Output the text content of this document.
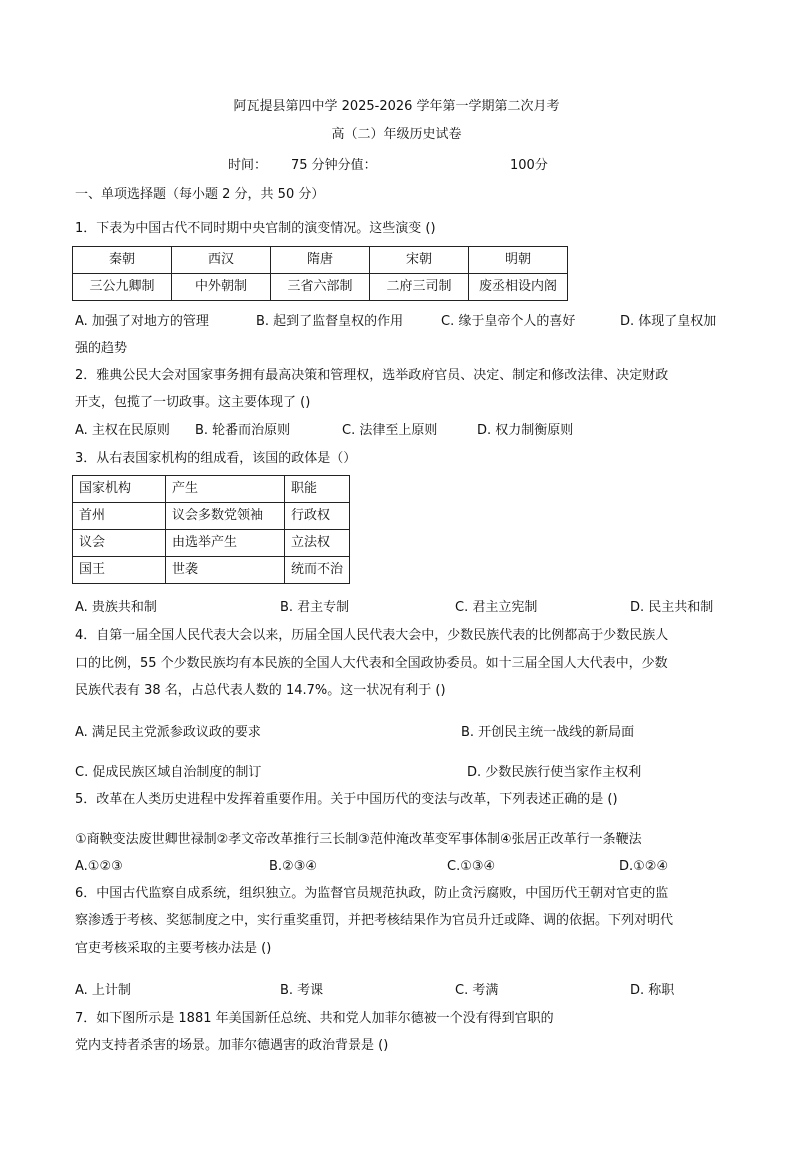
阿瓦提县第四中学 2025-2026 学年第一学期第二次月考
高（二）年级历史试卷
时间： 75 分钟分值：	100分
一、单项选择题（每小题 2 分，共 50 分）
1．下表为中国古代不同时期中央官制的演变情况。这些演变 ()
秦朝	西汉	隋唐	宋朝	明朝
三公九卿制	中外朝制	三省六部制	二府三司制	废丞相设内阁
A. 加强了对地方的管理	B. 起到了监督皇权的作用	C. 缘于皇帝个人的喜好	D. 体现了皇权加
强的趋势
2．雅典公民大会对国家事务拥有最高决策和管理权，选举政府官员、决定、制定和修改法律、决定财政
开支，包揽了一切政事。这主要体现了 ()
A. 主权在民原则 B. 轮番而治原则	C. 法律至上原则	D. 权力制衡原则
3．从右表国家机构的组成看，该国的政体是（）
国家机构	产生	职能
首州	议会多数党领袖	行政权
议会	由选举产生	立法权
国王	世袭	统而不治
A. 贵族共和制	B. 君主专制	C. 君主立宪制	D. 民主共和制
4．自第一届全国人民代表大会以来，历届全国人民代表大会中，少数民族代表的比例都高于少数民族人
口的比例，55 个少数民族均有本民族的全国人大代表和全国政协委员。如十三届全国人大代表中，少数
民族代表有 38 名，占总代表人数的 14.7%。这一状况有利于 ()
A. 满足民主党派参政议政的要求	B. 开创民主统一战线的新局面
C. 促成民族区域自治制度的制订	D. 少数民族行使当家作主权利
5．改革在人类历史进程中发挥着重要作用。关于中国历代的变法与改革，下列表述正确的是 ()
①商鞅变法废世卿世禄制②孝文帝改革推行三长制③范仲淹改革变军事体制④张居正改革行一条鞭法
A.①②③	B.②③④	C.①③④	D.①②④
6．中国古代监察自成系统，组织独立。为监督官员规范执政，防止贪污腐败，中国历代王朝对官吏的监
察渗透于考核、奖惩制度之中，实行重奖重罚，并把考核结果作为官员升迁或降、调的依据。下列对明代
官吏考核采取的主要考核办法是 ()
A. 上计制	B. 考课	C. 考满	D. 称职
7．如下图所示是 1881 年美国新任总统、共和党人加菲尔德被一个没有得到官职的
党内支持者杀害的场景。加菲尔德遇害的政治背景是 ()
